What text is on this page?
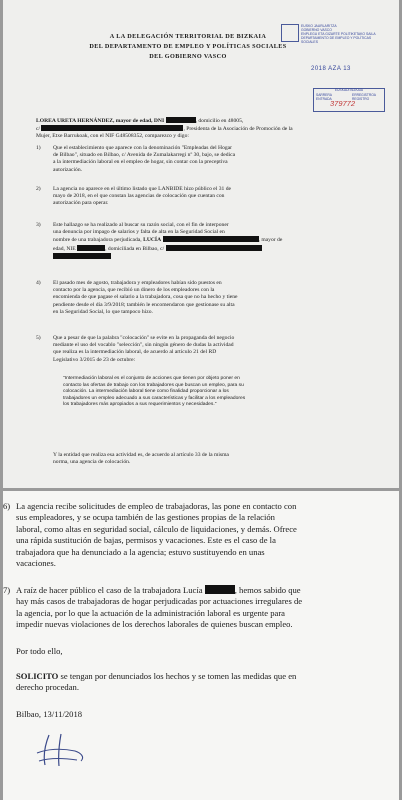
A LA DELEGACIÓN TERRITORIAL DE BIZKAIA
DEL DEPARTAMENTO DE EMPLEO Y POLÍTICAS SOCIALES
DEL GOBIERNO VASCO
EUSKO JAURLARITZA
GOBIERNO VASCO
ENPLEGU ETA GIZARTE POLITIKETAKO SAILA
DEPARTAMENTO DE EMPLEO Y POLÍTICAS SOCIALES
2018 AZA 13
EUSKADI BIZKAIA
SARRERA
ENTRADA
ERREGISTROA
REGISTRO
379772
LOREA URETA HERNÁNDEZ, mayor de edad, DNI	, domicilio en 48005,
c/	, Presidenta de la Asociación de Promoción de la
Mujer, Etxe Barrukoak, con el NIF G48508352, comparezco y digo:
1) Que el establecimiento que aparece con la denominación "Empleadas del Hogar
de Bilbao", situado en Bilbao, c/ Avenida de Zumalakarregi nº 30, bajo, se dedica
a la intermediación laboral en el empleo de hogar, sin contar con la preceptiva
autorización.
2) La agencia no aparece en el último listado que LANBIDE hizo público el 31 de
mayo de 2018, en el que constan las agencias de colocación que cuentan con
autorización para operar.
3) Este hallazgo se ha realizado al buscar su razón social, con el fin de interponer
una denuncia por impago de salarios y falta de alta en la Seguridad Social en
nombre de una trabajadora perjudicada, LUCÍA	, mayor de
edad, NIE	, domiciliada en Bilbao, c/
4) El pasado mes de agosto, trabajadora y empleadores habían sido puestos en
contacto por la agencia, que recibió un dinero de los empleadores con la
encomienda de que pagase el salario a la trabajadora, cosa que no ha hecho y tiene
pendiente desde el día 3/9/2018; también le encomendaron que gestionase su alta
en la Seguridad Social, lo que tampoco hizo.
5) Que a pesar de que la palabra "colocación" se evite en la propaganda del negocio
mediante el uso del vocablo "selección", sin ningún género de dudas la actividad
que realiza es la intermediación laboral, de acuerdo al artículo 21 del RD
Legislativo 3/2015 de 23 de octubre:
"Intermediación laboral es el conjunto de acciones que tienen por objeto poner en
contacto las ofertas de trabajo con los trabajadores que buscan un empleo, para su
colocación. La intermediación laboral tiene como finalidad proporcionar a los
trabajadores un empleo adecuado a sus características y facilitar a los empleadores
los trabajadores más apropiados a sus requerimientos y necesidades."
Y la entidad que realiza esa actividad es, de acuerdo al artículo 33 de la misma
norma, una agencia de colocación.
6) La agencia recibe solicitudes de empleo de trabajadoras, las pone en contacto con
sus empleadores, y se ocupa también de las gestiones propias de la relación
laboral, como altas en seguridad social, cálculo de liquidaciones, y demás. Ofrece
una rápida sustitución de bajas, permisos y vacaciones. Este es el caso de la
trabajadora que ha denunciado a la agencia; estuvo sustituyendo en unas
vacaciones.
7) A raíz de hacer público el caso de la trabajadora Lucía	, hemos sabido que
hay más casos de trabajadoras de hogar perjudicadas por actuaciones irregulares de
la agencia, por lo que la actuación de la administración laboral es urgente para
impedir nuevas violaciones de los derechos laborales de quienes buscan empleo.
Por todo ello,
SOLICITO se tengan por denunciados los hechos y se tomen las medidas que en
derecho procedan.
Bilbao, 13/11/2018
